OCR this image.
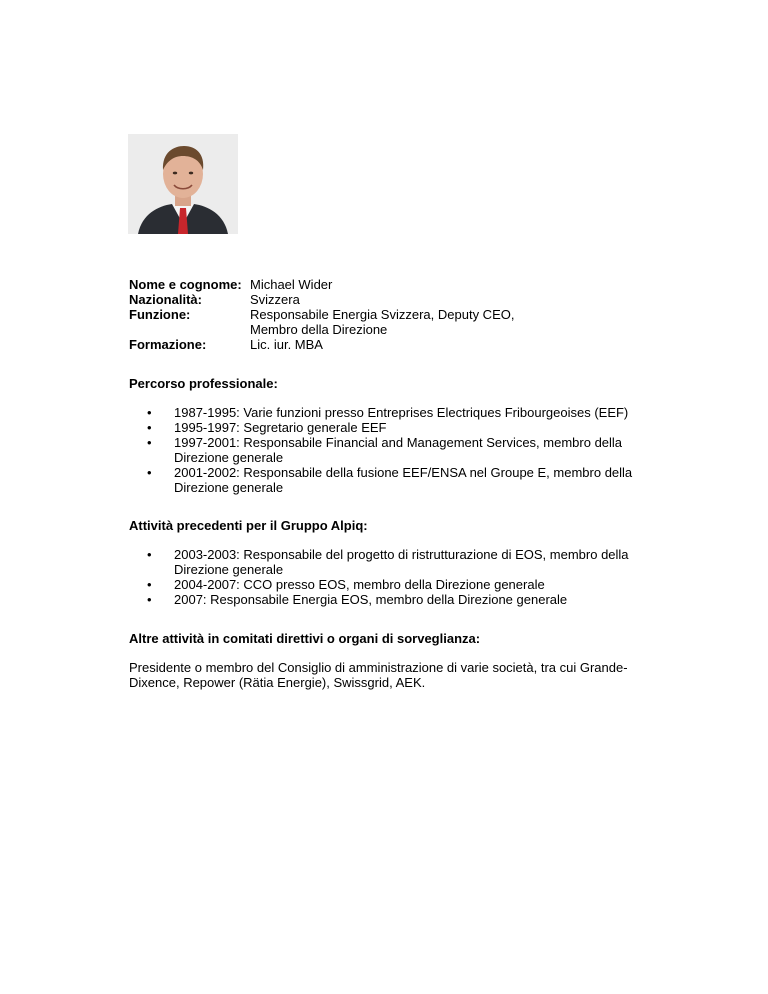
Nome e cognome: Michael Wider
Nazionalità:	Svizzera
Funzione:	Responsabile Energia Svizzera, Deputy CEO,
Membro della Direzione
Formazione:	Lic. iur. MBA
Percorso professionale:
• 1987-1995: Varie funzioni presso Entreprises Electriques Fribourgeoises (EEF)
• 1995-1997: Segretario generale EEF
• 1997-2001: Responsabile Financial and Management Services, membro della Direzione generale
• 2001-2002: Responsabile della fusione EEF/ENSA nel Groupe E, membro della Direzione generale
Attività precedenti per il Gruppo Alpiq:
• 2003-2003: Responsabile del progetto di ristrutturazione di EOS, membro della Direzione generale
• 2004-2007: CCO presso EOS, membro della Direzione generale
• 2007: Responsabile Energia EOS, membro della Direzione generale
Altre attività in comitati direttivi o organi di sorveglianza:
Presidente o membro del Consiglio di amministrazione di varie società, tra cui Grande-Dixence, Repower (Rätia Energie), Swissgrid, AEK.
